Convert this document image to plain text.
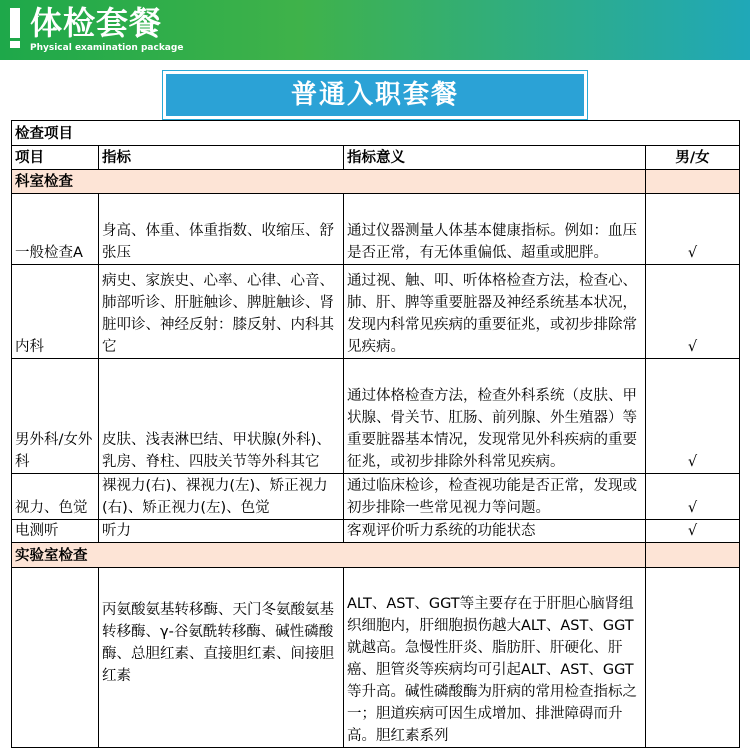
体检套餐
Physical examination package
普通入职套餐
检查项目			
项目	指标	指标意义	男/女
科室检查			
一般检查A	身高、体重、体重指数、收缩压、舒张压	通过仪器测量人体基本健康指标。例如：血压是否正常，有无体重偏低、超重或肥胖。	√
内科	病史、家族史、心率、心律、心音、肺部听诊、肝脏触诊、脾脏触诊、肾脏叩诊、神经反射：膝反射、内科其它	通过视、触、叩、听体格检查方法，检查心、肺、肝、脾等重要脏器及神经系统基本状况，发现内科常见疾病的重要征兆，或初步排除常见疾病。	√
男外科/女外科	皮肤、浅表淋巴结、甲状腺(外科)、乳房、脊柱、四肢关节等外科其它	通过体格检查方法，检查外科系统（皮肤、甲状腺、骨关节、肛肠、前列腺、外生殖器）等重要脏器基本情况，发现常见外科疾病的重要征兆，或初步排除外科常见疾病。	√
视力、色觉	裸视力(右)、裸视力(左)、矫正视力(右)、矫正视力(左)、色觉	通过临床检诊，检查视功能是否正常，发现或初步排除一些常见视力等问题。	√
电测听	听力	客观评价听力系统的功能状态	√
实验室检查			
	丙氨酸氨基转移酶、天门冬氨酸氨基转移酶、γ-谷氨酰转移酶、碱性磷酸酶、总胆红素、直接胆红素、间接胆红素	ALT、AST、GGT等主要存在于肝胆心脑肾组织细胞内，肝细胞损伤越大ALT、AST、GGT就越高。急慢性肝炎、脂肪肝、肝硬化、肝癌、胆管炎等疾病均可引起ALT、AST、GGT等升高。碱性磷酸酶为肝病的常用检查指标之一；胆道疾病可因生成增加、排泄障碍而升高。胆红素系列	
